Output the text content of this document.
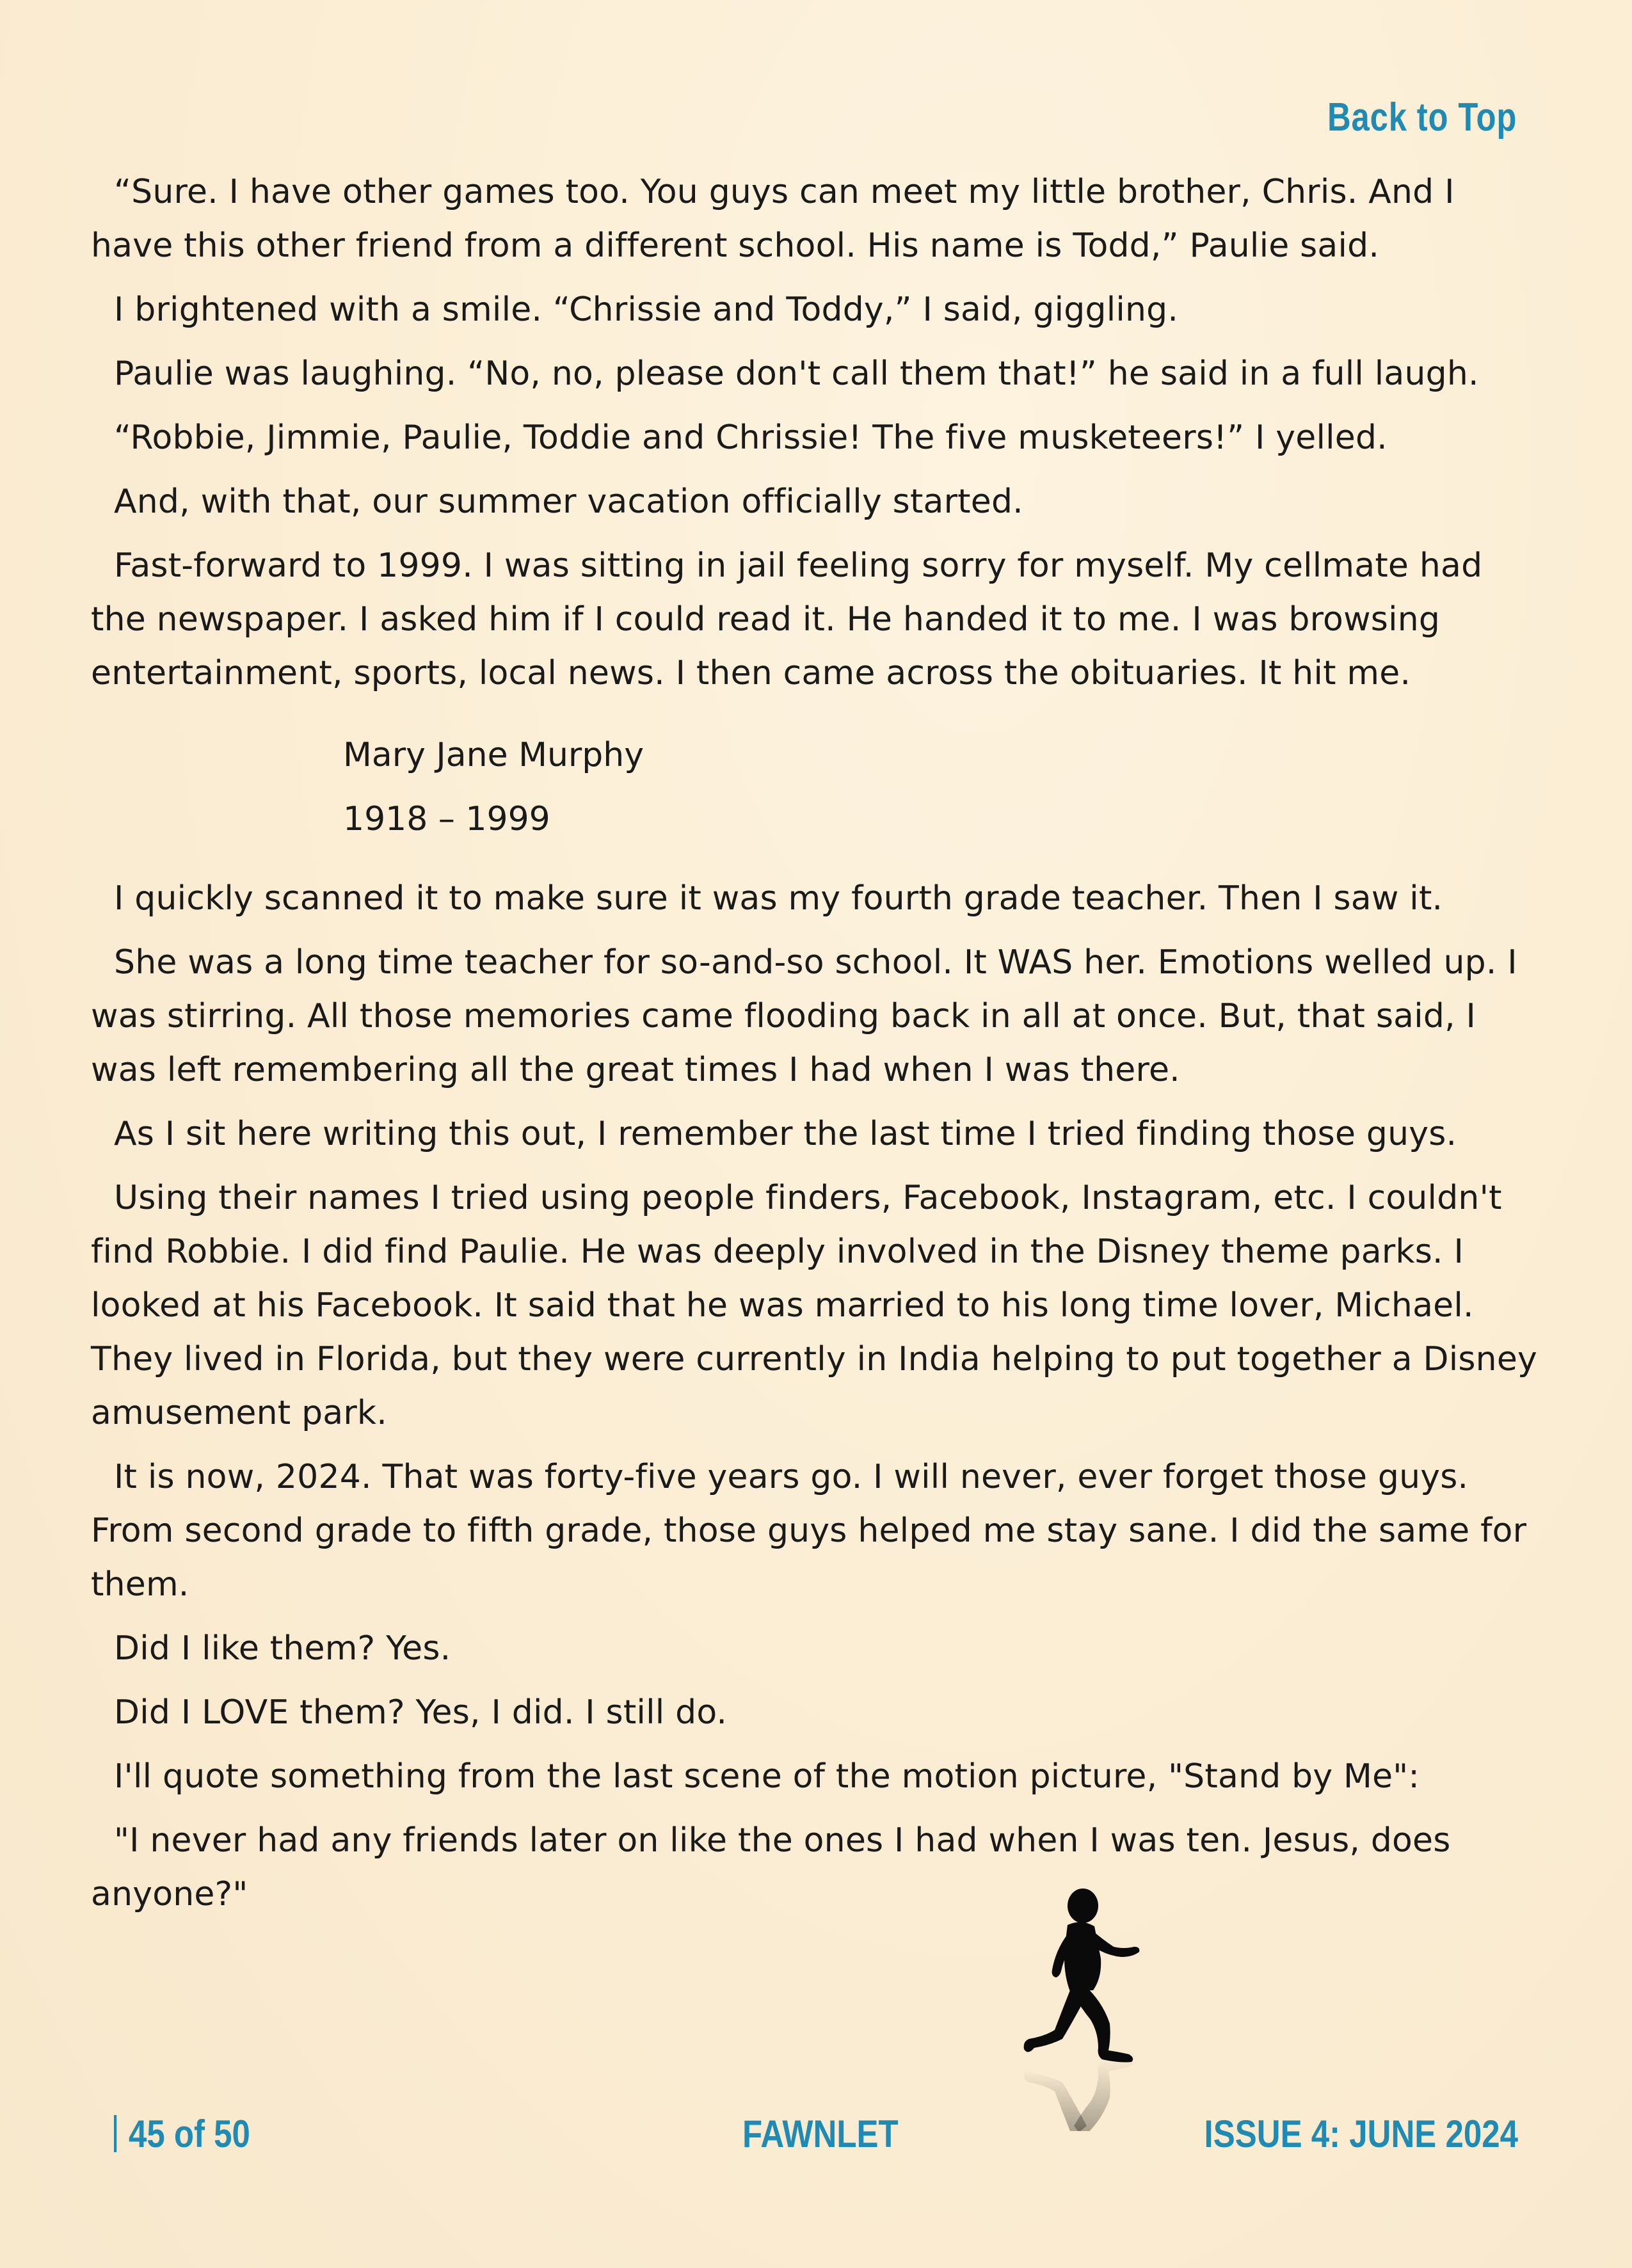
Back to Top

“Sure. I have other games too. You guys can meet my little brother, Chris. And I have this other friend from a different school. His name is Todd,” Paulie said.

I brightened with a smile. “Chrissie and Toddy,” I said, giggling.

Paulie was laughing. “No, no, please don't call them that!” he said in a full laugh.

“Robbie, Jimmie, Paulie, Toddie and Chrissie! The five musketeers!” I yelled.

And, with that, our summer vacation officially started.

Fast-forward to 1999. I was sitting in jail feeling sorry for myself. My cellmate had the newspaper. I asked him if I could read it. He handed it to me. I was browsing entertainment, sports, local news. I then came across the obituaries. It hit me.

Mary Jane Murphy
1918 – 1999

I quickly scanned it to make sure it was my fourth grade teacher. Then I saw it.

She was a long time teacher for so-and-so school. It WAS her. Emotions welled up. I was stirring. All those memories came flooding back in all at once. But, that said, I was left remembering all the great times I had when I was there.

As I sit here writing this out, I remember the last time I tried finding those guys.

Using their names I tried using people finders, Facebook, Instagram, etc. I couldn't find Robbie. I did find Paulie. He was deeply involved in the Disney theme parks. I looked at his Facebook. It said that he was married to his long time lover, Michael. They lived in Florida, but they were currently in India helping to put together a Disney amusement park.

It is now, 2024. That was forty-five years go. I will never, ever forget those guys. From second grade to fifth grade, those guys helped me stay sane. I did the same for them.

Did I like them? Yes.

Did I LOVE them? Yes, I did. I still do.

I'll quote something from the last scene of the motion picture, "Stand by Me":

"I never had any friends later on like the ones I had when I was ten. Jesus, does anyone?"

45 of 50	FAWNLET	ISSUE 4: JUNE 2024
